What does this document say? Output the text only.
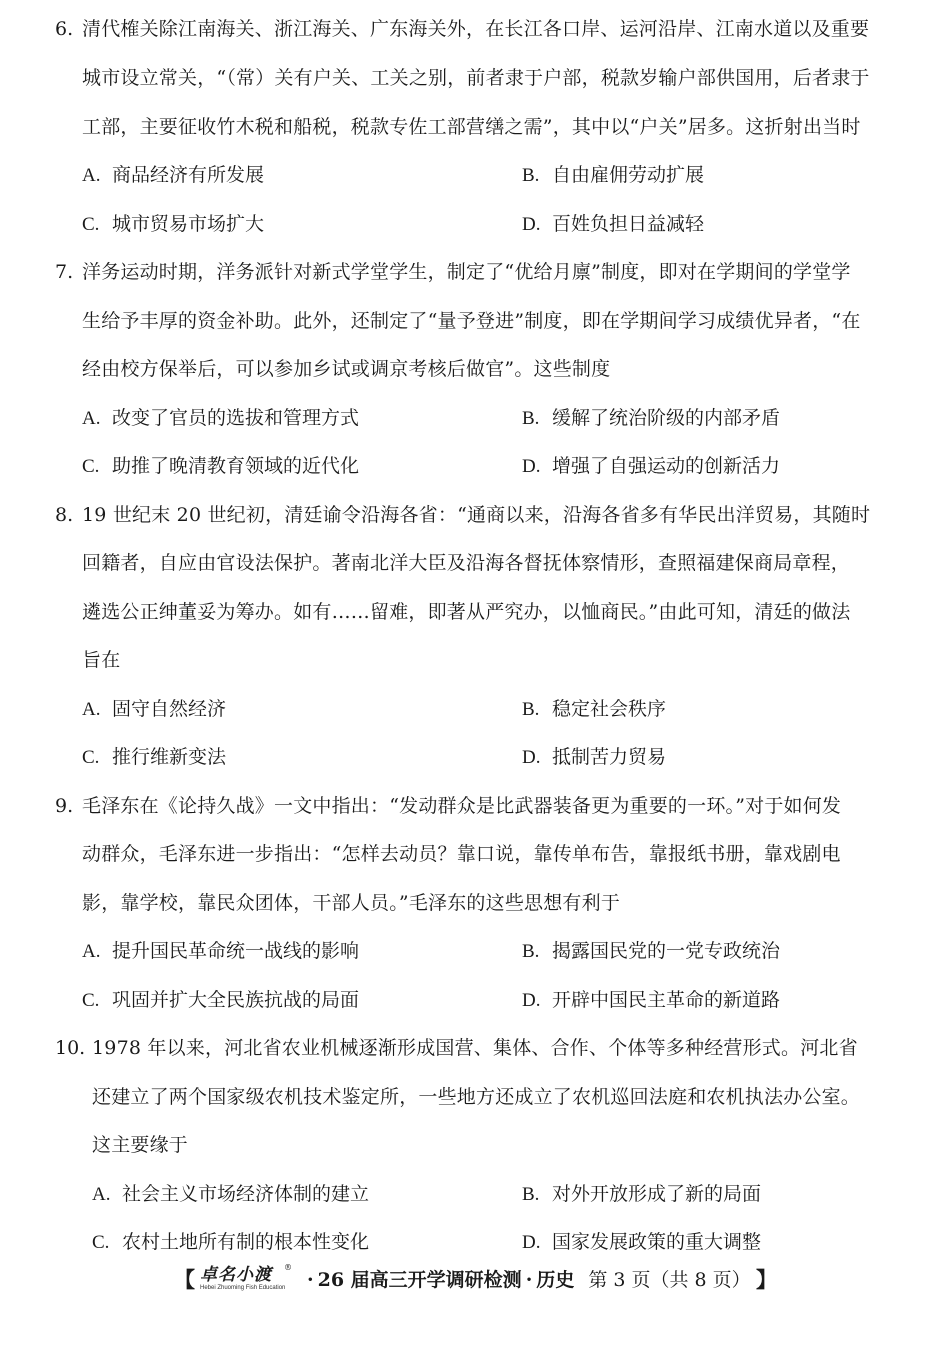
6. 清代榷关除江南海关、浙江海关、广东海关外，在长江各口岸、运河沿岸、江南水道以及重要
城市设立常关，“（常）关有户关、工关之别，前者隶于户部，税款岁输户部供国用，后者隶于
工部，主要征收竹木税和船税，税款专佐工部营缮之需”，其中以“户关”居多。这折射出当时
A. 商品经济有所发展	B. 自由雇佣劳动扩展
C. 城市贸易市场扩大	D. 百姓负担日益减轻
7. 洋务运动时期，洋务派针对新式学堂学生，制定了“优给月廪”制度，即对在学期间的学堂学
生给予丰厚的资金补助。此外，还制定了“量予登进”制度，即在学期间学习成绩优异者，“在
经由校方保举后，可以参加乡试或调京考核后做官”。这些制度
A. 改变了官员的选拔和管理方式	B. 缓解了统治阶级的内部矛盾
C. 助推了晚清教育领域的近代化	D. 增强了自强运动的创新活力
8. 19 世纪末 20 世纪初，清廷谕令沿海各省：“通商以来，沿海各省多有华民出洋贸易，其随时
回籍者，自应由官设法保护。著南北洋大臣及沿海各督抚体察情形，查照福建保商局章程，
遴选公正绅董妥为筹办。如有……留难，即著从严究办，以恤商民。”由此可知，清廷的做法
旨在
A. 固守自然经济	B. 稳定社会秩序
C. 推行维新变法	D. 抵制苦力贸易
9. 毛泽东在《论持久战》一文中指出：“发动群众是比武器装备更为重要的一环。”对于如何发
动群众，毛泽东进一步指出：“怎样去动员？靠口说，靠传单布告，靠报纸书册，靠戏剧电
影，靠学校，靠民众团体，干部人员。”毛泽东的这些思想有利于
A. 提升国民革命统一战线的影响	B. 揭露国民党的一党专政统治
C. 巩固并扩大全民族抗战的局面	D. 开辟中国民主革命的新道路
10. 1978 年以来，河北省农业机械逐渐形成国营、集体、合作、个体等多种经营形式。河北省
还建立了两个国家级农机技术鉴定所，一些地方还成立了农机巡回法庭和农机执法办公室。
这主要缘于
A. 社会主义市场经济体制的建立	B. 对外开放形成了新的局面
C. 农村土地所有制的根本性变化	D. 国家发展政策的重大调整
【 卓名小渡 ®
Hebei Zhuoming Fish Education · 26 届高三开学调研检测 · 历史 第 3 页（共 8 页） 】
